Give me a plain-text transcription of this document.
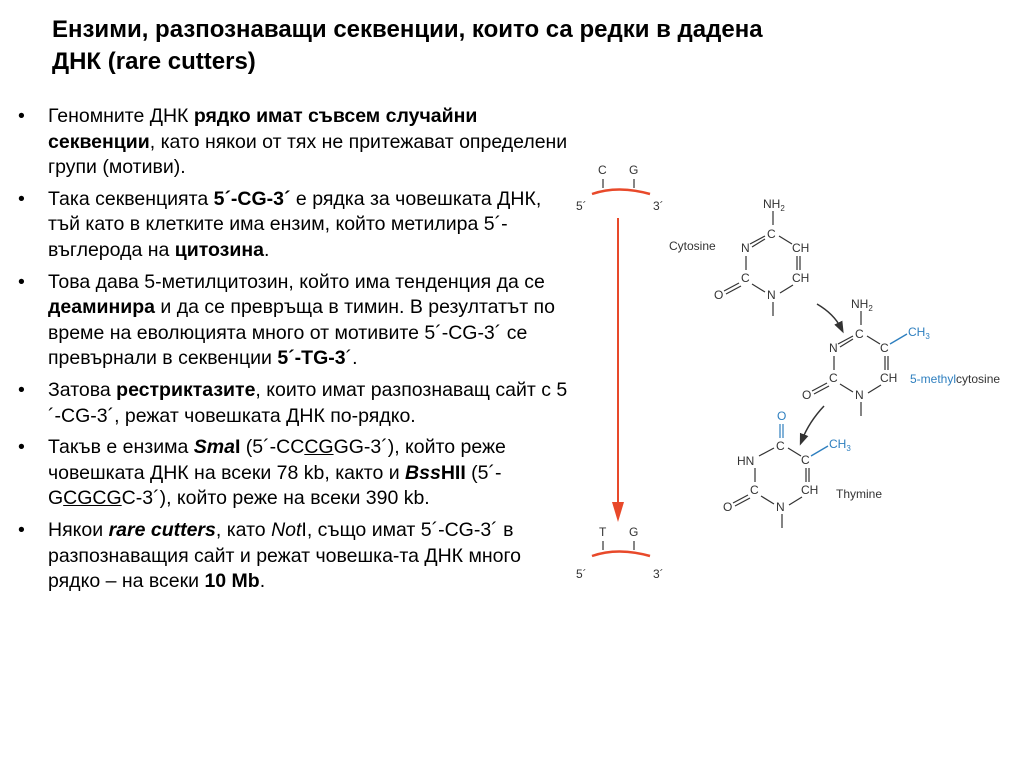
Ензими, разпознаващи секвенции, които са редки в дадена
ДНК (rare cutters)
• Геномните ДНК рядко имат съвсем случайни секвенции, като някои от тях не притежават определени групи (мотиви).
• Така секвенцията 5´-CG-3´ е рядка за човешката ДНК, тъй като в клетките има ензим, който метилира 5´-въглерода на цитозина.
• Това дава 5-метилцитозин, който има тенденция да се деаминира и да се превръща в тимин. В резултатът по време на еволюцията много от мотивите 5´-CG-3´ се превърнали в секвенции 5´-TG-3´.
• Затова рестриктазите, които имат разпознаващ сайт с 5´-CG-3´, режат човешката ДНК по-рядко.
• Такъв е ензима SmaI (5´-CCCGGG-3´), който реже човешката ДНК на всеки 78 kb, както и BssHII (5´-GCGCGC-3´), който реже на всеки 390 kb.
• Някои rare cutters, като NotI, също имат 5´-CG-3´ в разпознаващия сайт и режат човешка-та ДНК много рядко – на всеки 10 Mb.
C G
5´	3´
T G
5´	3´
$NH_2$
C
N	CH
CH
C
O	N
Cytosine
$NH_2$
C
N	C
$CH_3$
CH
C
O	N
5-methylcytosine
O
C
HN	C
$CH_3$
CH
C
O	N
Thymine
